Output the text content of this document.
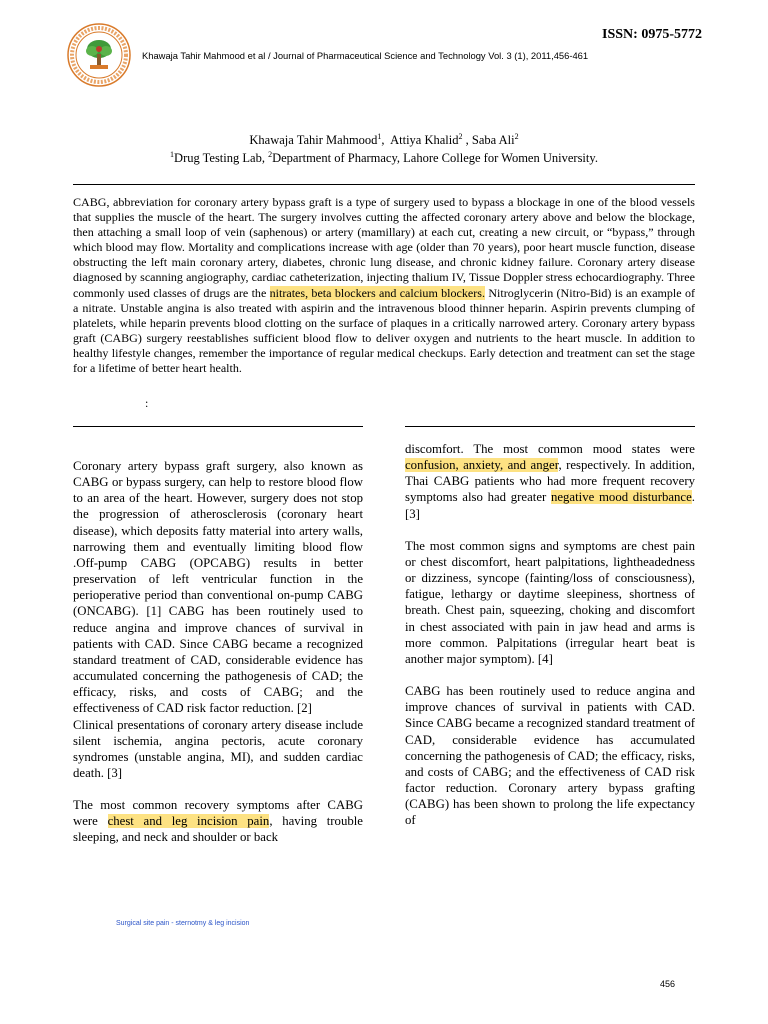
ISSN: 0975-5772
Khawaja Tahir Mahmood et al / Journal of Pharmaceutical Science and Technology Vol. 3 (1), 2011,456-461
Khawaja Tahir Mahmood$^1$,  Attiya Khalid$^2$ , Saba Ali$^2$
$^1$Drug Testing Lab, $^2$Department of Pharmacy, Lahore College for Women University.

CABG, abbreviation for coronary artery bypass graft is a type of surgery used to bypass a blockage in one of the blood vessels that supplies the muscle of the heart. The surgery involves cutting the affected coronary artery above and below the blockage, then attaching a small loop of vein (saphenous) or artery (mamillary) at each cut, creating a new circuit, or “bypass,” through which blood may flow. Mortality and complications increase with age (older than 70 years), poor heart muscle function, disease obstructing the left main coronary artery, diabetes, chronic lung disease, and chronic kidney failure. Coronary artery disease diagnosed by scanning angiography, cardiac catheterization, injecting thalium IV, Tissue Doppler stress echocardiography. Three commonly used classes of drugs are the nitrates, beta blockers and calcium blockers. Nitroglycerin (Nitro-Bid) is an example of a nitrate. Unstable angina is also treated with aspirin and the intravenous blood thinner heparin. Aspirin prevents clumping of platelets, while heparin prevents blood clotting on the surface of plaques in a critically narrowed artery. Coronary artery bypass graft (CABG) surgery reestablishes sufficient blood flow to deliver oxygen and nutrients to the heart muscle. In addition to healthy lifestyle changes, remember the importance of regular medical checkups. Early detection and treatment can set the stage for a lifetime of better heart health.

:

Coronary artery bypass graft surgery, also known as CABG or bypass surgery, can help to restore blood flow to an area of the heart. However, surgery does not stop the progression of atherosclerosis (coronary heart disease), which deposits fatty material into artery walls, narrowing them and eventually limiting blood flow .Off-pump CABG (OPCABG) results in better preservation of left ventricular function in the perioperative period than conventional on-pump CABG (ONCABG). [1] CABG has been routinely used to reduce angina and improve chances of survival in patients with CAD. Since CABG became a recognized standard treatment of CAD, considerable evidence has accumulated concerning the pathogenesis of CAD; the efficacy, risks, and costs of CABG; and the effectiveness of CAD risk factor reduction. [2]

Clinical presentations of coronary artery disease include silent ischemia, angina pectoris, acute coronary syndromes (unstable angina, MI), and sudden cardiac death. [3]

The most common recovery symptoms after CABG were chest and leg incision pain, having trouble sleeping, and neck and shoulder or back

discomfort. The most common mood states were confusion, anxiety, and anger, respectively. In addition, Thai CABG patients who had more frequent recovery symptoms also had greater negative mood disturbance.[3]

The most common signs and symptoms are chest pain or chest discomfort, heart palpitations, lightheadedness or dizziness, syncope (fainting/loss of consciousness), fatigue, lethargy or daytime sleepiness, shortness of breath. Chest pain, squeezing, choking and discomfort in chest associated with pain in jaw head and arms is more common. Palpitations (irregular heart beat is another major symptom). [4]

CABG has been routinely used to reduce angina and improve chances of survival in patients with CAD. Since CABG became a recognized standard treatment of CAD, considerable evidence has accumulated concerning the pathogenesis of CAD; the efficacy, risks, and costs of CABG; and the effectiveness of CAD risk factor reduction. Coronary artery bypass grafting (CABG) has been shown to prolong the life expectancy of

Surgical site pain - sternotmy & leg incision
456
